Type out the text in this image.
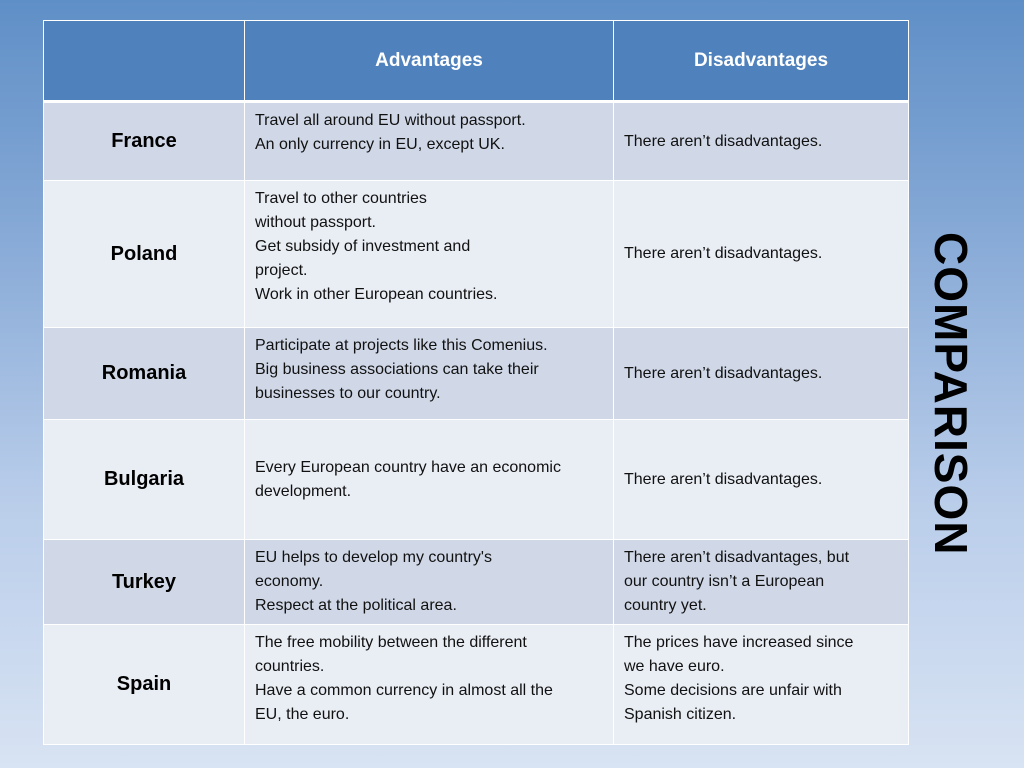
	Advantages	Disadvantages
France	Travel all around EU without passport.
An only currency in EU, except UK.	There aren’t disadvantages.

Poland	Travel to other countries
without passport.
Get subsidy of investment and
project.
Work in other European countries.	There aren’t disadvantages.

Romania	Participate at projects like this Comenius.
Big business associations can take their
businesses to our country.	There aren’t disadvantages.

Bulgaria	Every European country have an economic
development.	There aren’t disadvantages.

Turkey	EU helps to develop my country's
economy.
Respect at the political area.	There aren’t disadvantages, but
our country isn’t a European
country yet.

Spain	The free mobility between the different
countries.
Have a common currency in almost all the
EU, the euro.	The prices have increased since
we have euro.
Some decisions are unfair with
Spanish citizen.
COMPARISON
